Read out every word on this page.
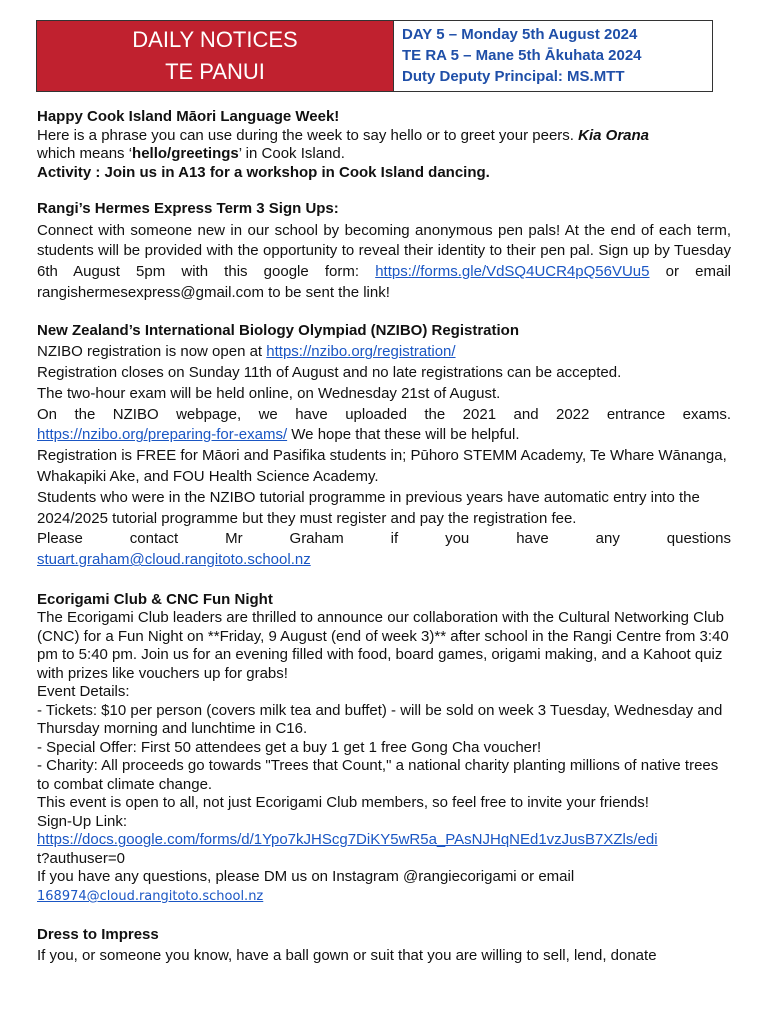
DAILY NOTICES
TE PANUI
DAY 5 – Monday 5th August 2024
TE RA 5 – Mane 5th Ākuhata 2024
Duty Deputy Principal: MS.MTT

Happy Cook Island Māori Language Week!

Here is a phrase you can use during the week to say hello or to greet your peers. Kia Orana

which means ‘hello/greetings’ in Cook Island.

Activity : Join us in A13 for a workshop in Cook Island dancing.

Rangi’s Hermes Express Term 3 Sign Ups:

Connect with someone new in our school by becoming anonymous pen pals! At the end of each term, students will be provided with the opportunity to reveal their identity to their pen pal. Sign up by Tuesday 6th August 5pm with this google form: https://forms.gle/VdSQ4UCR4pQ56VUu5 or email rangishermesexpress@gmail.com to be sent the link!

New Zealand’s International Biology Olympiad (NZIBO) Registration

NZIBO registration is now open at https://nzibo.org/registration/

Registration closes on Sunday 11th of August and no late registrations can be accepted.

The two-hour exam will be held online, on Wednesday 21st of August.

On the NZIBO webpage, we have uploaded the 2021 and 2022 entrance exams.

https://nzibo.org/preparing-for-exams/ We hope that these will be helpful.

Registration is FREE for Māori and Pasifika students in; Pūhoro STEMM Academy, Te Whare Wānanga, Whakapiki Ake, and FOU Health Science Academy.

Students who were in the NZIBO tutorial programme in previous years have automatic entry into the 2024/2025 tutorial programme but they must register and pay the registration fee.

Please contact Mr Graham if you have any questions

stuart.graham@cloud.rangitoto.school.nz

Ecorigami Club & CNC Fun Night

The Ecorigami Club leaders are thrilled to announce our collaboration with the Cultural Networking Club (CNC) for a Fun Night on **Friday, 9 August (end of week 3)** after school in the Rangi Centre from 3:40 pm to 5:40 pm. Join us for an evening filled with food, board games, origami making, and a Kahoot quiz with prizes like vouchers up for grabs!

Event Details:

- Tickets: $10 per person (covers milk tea and buffet) - will be sold on week 3 Tuesday, Wednesday and Thursday morning and lunchtime in C16.

- Special Offer: First 50 attendees get a buy 1 get 1 free Gong Cha voucher!

- Charity: All proceeds go towards "Trees that Count," a national charity planting millions of native trees to combat climate change.

This event is open to all, not just Ecorigami Club members, so feel free to invite your friends!

Sign-Up Link:

https://docs.google.com/forms/d/1Ypo7kJHScg7DiKY5wR5a_PAsNJHqNEd1vzJusB7XZls/edi

t?authuser=0

If you have any questions, please DM us on Instagram @rangiecorigami or email

168974@cloud.rangitoto.school.nz

Dress to Impress

If you, or someone you know, have a ball gown or suit that you are willing to sell, lend, donate
